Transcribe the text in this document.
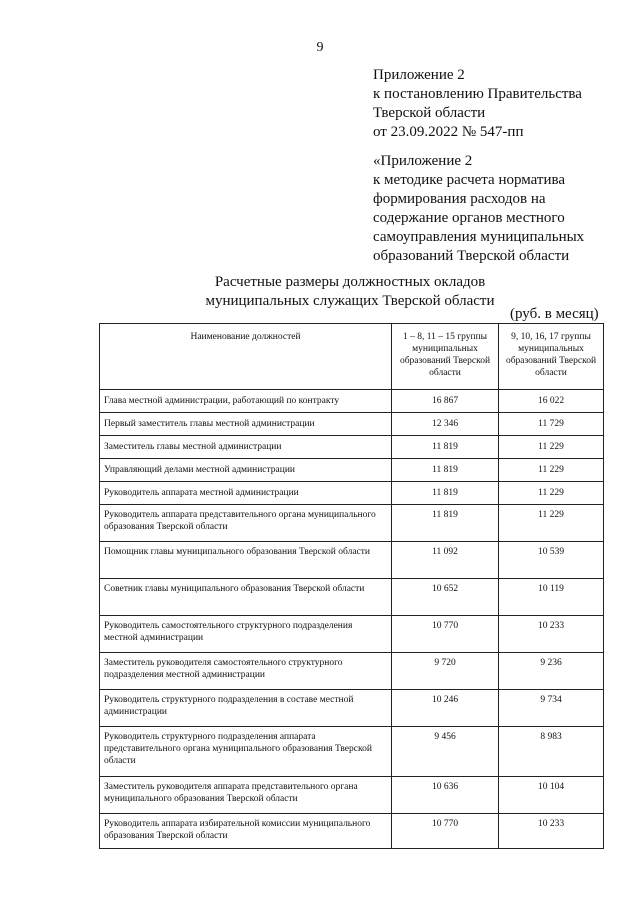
9
Приложение 2
к постановлению Правительства
Тверской области
от 23.09.2022 № 547-пп
«Приложение 2
к методике расчета норматива
формирования расходов на
содержание органов местного
самоуправления муниципальных
образований Тверской области
Расчетные размеры должностных окладов
муниципальных служащих Тверской области
(руб. в месяц)
Наименование должностей	1 – 8, 11 – 15 группы муниципальных образований Тверской области	9, 10, 16, 17 группы муниципальных образований Тверской области
Глава местной администрации, работающий по контракту	16 867	16 022
Первый заместитель главы местной администрации	12 346	11 729
Заместитель главы местной администрации	11 819	11 229
Управляющий делами местной администрации	11 819	11 229
Руководитель аппарата местной администрации	11 819	11 229
Руководитель аппарата представительного органа муниципального образования Тверской области	11 819	11 229
Помощник главы муниципального образования Тверской области	11 092	10 539
Советник главы муниципального образования Тверской области	10 652	10 119
Руководитель самостоятельного структурного подразделения местной администрации	10 770	10 233
Заместитель руководителя самостоятельного структурного подразделения местной администрации	9 720	9 236
Руководитель структурного подразделения в составе местной администрации	10 246	9 734
Руководитель структурного подразделения аппарата представительного органа муниципального образования Тверской области	9 456	8 983
Заместитель руководителя аппарата представительного органа муниципального образования Тверской области	10 636	10 104
Руководитель аппарата избирательной комиссии муниципального образования Тверской области	10 770	10 233
